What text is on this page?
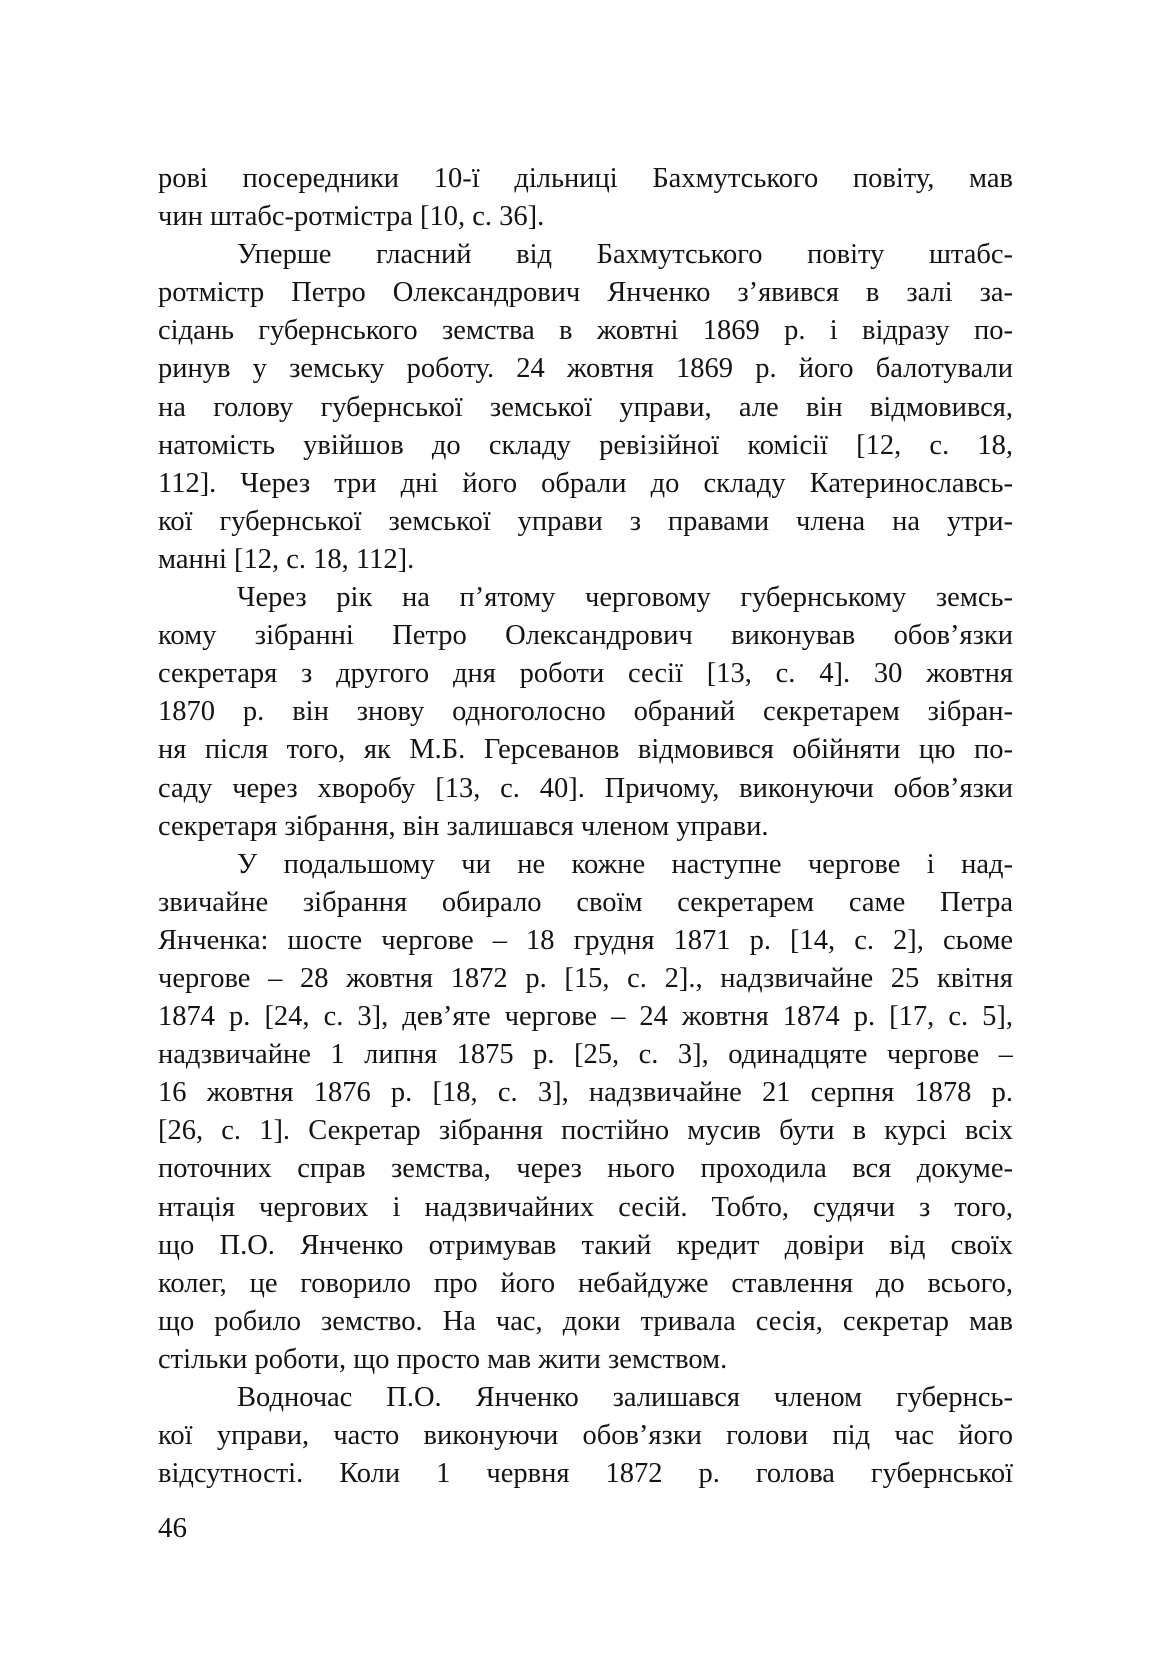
рові посередники 10-ї дільниці Бахмутського повіту, мав
чин штабс-ротмістра [10, с. 36].
Уперше гласний від Бахмутського повіту штабс-
ротмістр Петро Олександрович Янченко з’явився в залі за-
сідань губернського земства в жовтні 1869 р. і відразу по-
ринув у земську роботу. 24 жовтня 1869 р. його балотували
на голову губернської земської управи, але він відмовився,
натомість увійшов до складу ревізійної комісії [12, с. 18,
112]. Через три дні його обрали до складу Катеринославсь-
кої губернської земської управи з правами члена на утри-
манні [12, с. 18, 112].
Через рік на п’ятому черговому губернському земсь-
кому зібранні Петро Олександрович виконував обов’язки
секретаря з другого дня роботи сесії [13, с. 4]. 30 жовтня
1870 р. він знову одноголосно обраний секретарем зібран-
ня після того, як М.Б. Герсеванов відмовився обійняти цю по-
саду через хворобу [13, с. 40]. Причому, виконуючи обов’язки
секретаря зібрання, він залишався членом управи.
У подальшому чи не кожне наступне чергове і над-
звичайне зібрання обирало своїм секретарем саме Петра
Янченка: шосте чергове – 18 грудня 1871 р. [14, с. 2], сьоме
чергове – 28 жовтня 1872 р. [15, с. 2]., надзвичайне 25 квітня
1874 р. [24, с. 3], дев’яте чергове – 24 жовтня 1874 р. [17, с. 5],
надзвичайне 1 липня 1875 р. [25, с. 3], одинадцяте чергове –
16 жовтня 1876 р. [18, с. 3], надзвичайне 21 серпня 1878 р.
[26, с. 1]. Секретар зібрання постійно мусив бути в курсі всіх
поточних справ земства, через нього проходила вся докуме-
нтація чергових і надзвичайних сесій. Тобто, судячи з того,
що П.О. Янченко отримував такий кредит довіри від своїх
колег, це говорило про його небайдуже ставлення до всього,
що робило земство. На час, доки тривала сесія, секретар мав
стільки роботи, що просто мав жити земством.
Водночас П.О. Янченко залишався членом губернсь-
кої управи, часто виконуючи обов’язки голови під час його
відсутності. Коли 1 червня 1872 р. голова губернської
46
